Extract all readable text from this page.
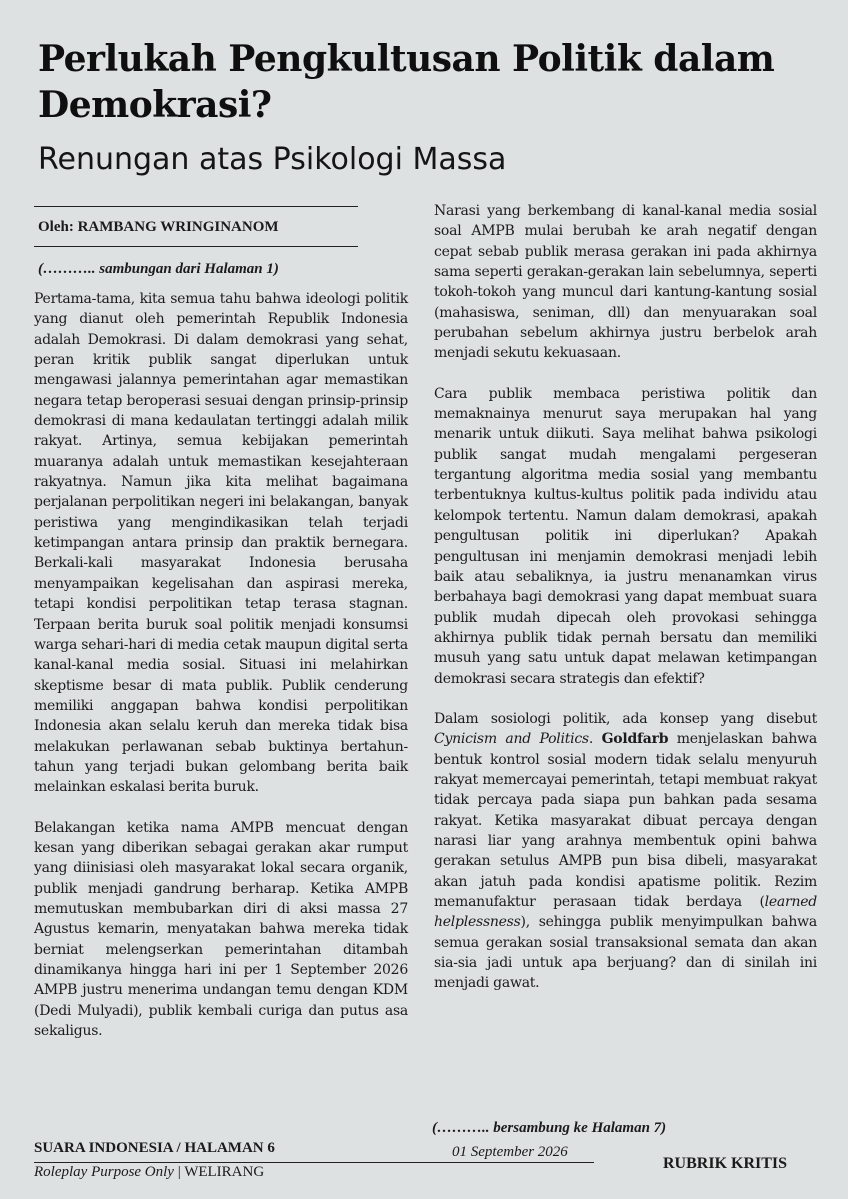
Perlukah Pengkultusan Politik dalam Demokrasi?
Renungan atas Psikologi Massa
Oleh: RAMBANG WRINGINANOM
(……….. sambungan dari Halaman 1)

Pertama-tama, kita semua tahu bahwa ideologi politik yang dianut oleh pemerintah Republik Indonesia adalah Demokrasi. Di dalam demokrasi yang sehat, peran kritik publik sangat diperlukan untuk mengawasi jalannya pemerintahan agar memastikan negara tetap beroperasi sesuai dengan prinsip-prinsip demokrasi di mana kedaulatan tertinggi adalah milik rakyat. Artinya, semua kebijakan pemerintah muaranya adalah untuk memastikan kesejahteraan rakyatnya. Namun jika kita melihat bagaimana perjalanan perpolitikan negeri ini belakangan, banyak peristiwa yang mengindikasikan telah terjadi ketimpangan antara prinsip dan praktik bernegara. Berkali-kali masyarakat Indonesia berusaha menyampaikan kegelisahan dan aspirasi mereka, tetapi kondisi perpolitikan tetap terasa stagnan. Terpaan berita buruk soal politik menjadi konsumsi warga sehari-hari di media cetak maupun digital serta kanal-kanal media sosial. Situasi ini melahirkan skeptisme besar di mata publik. Publik cenderung memiliki anggapan bahwa kondisi perpolitikan Indonesia akan selalu keruh dan mereka tidak bisa melakukan perlawanan sebab buktinya bertahun-tahun yang terjadi bukan gelombang berita baik melainkan eskalasi berita buruk.

Belakangan ketika nama AMPB mencuat dengan kesan yang diberikan sebagai gerakan akar rumput yang diinisiasi oleh masyarakat lokal secara organik, publik menjadi gandrung berharap. Ketika AMPB memutuskan membubarkan diri di aksi massa 27 Agustus kemarin, menyatakan bahwa mereka tidak berniat melengserkan pemerintahan ditambah dinamikanya hingga hari ini per 1 September 2026 AMPB justru menerima undangan temu dengan KDM (Dedi Mulyadi), publik kembali curiga dan putus asa sekaligus.

Narasi yang berkembang di kanal-kanal media sosial soal AMPB mulai berubah ke arah negatif dengan cepat sebab publik merasa gerakan ini pada akhirnya sama seperti gerakan-gerakan lain sebelumnya, seperti tokoh-tokoh yang muncul dari kantung-kantung sosial (mahasiswa, seniman, dll) dan menyuarakan soal perubahan sebelum akhirnya justru berbelok arah menjadi sekutu kekuasaan.

Cara publik membaca peristiwa politik dan memaknainya menurut saya merupakan hal yang menarik untuk diikuti. Saya melihat bahwa psikologi publik sangat mudah mengalami pergeseran tergantung algoritma media sosial yang membantu terbentuknya kultus-kultus politik pada individu atau kelompok tertentu. Namun dalam demokrasi, apakah pengultusan politik ini diperlukan? Apakah pengultusan ini menjamin demokrasi menjadi lebih baik atau sebaliknya, ia justru menanamkan virus berbahaya bagi demokrasi yang dapat membuat suara publik mudah dipecah oleh provokasi sehingga akhirnya publik tidak pernah bersatu dan memiliki musuh yang satu untuk dapat melawan ketimpangan demokrasi secara strategis dan efektif?

Dalam sosiologi politik, ada konsep yang disebut Cynicism and Politics. Goldfarb menjelaskan bahwa bentuk kontrol sosial modern tidak selalu menyuruh rakyat memercayai pemerintah, tetapi membuat rakyat tidak percaya pada siapa pun bahkan pada sesama rakyat. Ketika masyarakat dibuat percaya dengan narasi liar yang arahnya membentuk opini bahwa gerakan setulus AMPB pun bisa dibeli, masyarakat akan jatuh pada kondisi apatisme politik. Rezim memanufaktur perasaan tidak berdaya (learned helplessness), sehingga publik menyimpulkan bahwa semua gerakan sosial transaksional semata dan akan sia-sia jadi untuk apa berjuang? dan di sinilah ini menjadi gawat.

(……….. bersambung ke Halaman 7)
SUARA INDONESIA / HALAMAN 6	01 September 2026
Roleplay Purpose Only | WELIRANG	RUBRIK KRITIS
